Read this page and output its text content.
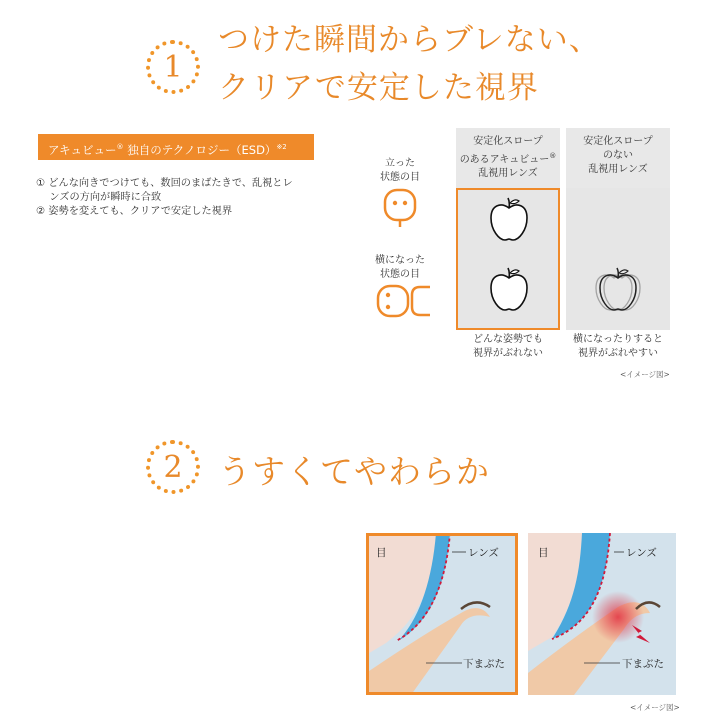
1
つけた瞬間からブレない、
クリアで安定した視界
アキュビュー® 独自のテクノロジー（ESD）$^{※2}$
① どんな向きでつけても、数回のまばたきで、乱視とレ
　 ンズの方向が瞬時に合致
② 姿勢を変えても、クリアで安定した視界
立った
状態の目
横になった
状態の目
安定化スロープ
のあるアキュビュー®
乱視用レンズ
安定化スロープ
のない
乱視用レンズ
どんな姿勢でも
視界がぶれない
横になったりすると
視界がぶれやすい
<イメージ図>
2 うすくてやわらか
目	レンズ
下まぶた
目	レンズ
下まぶた
<イメージ図>
